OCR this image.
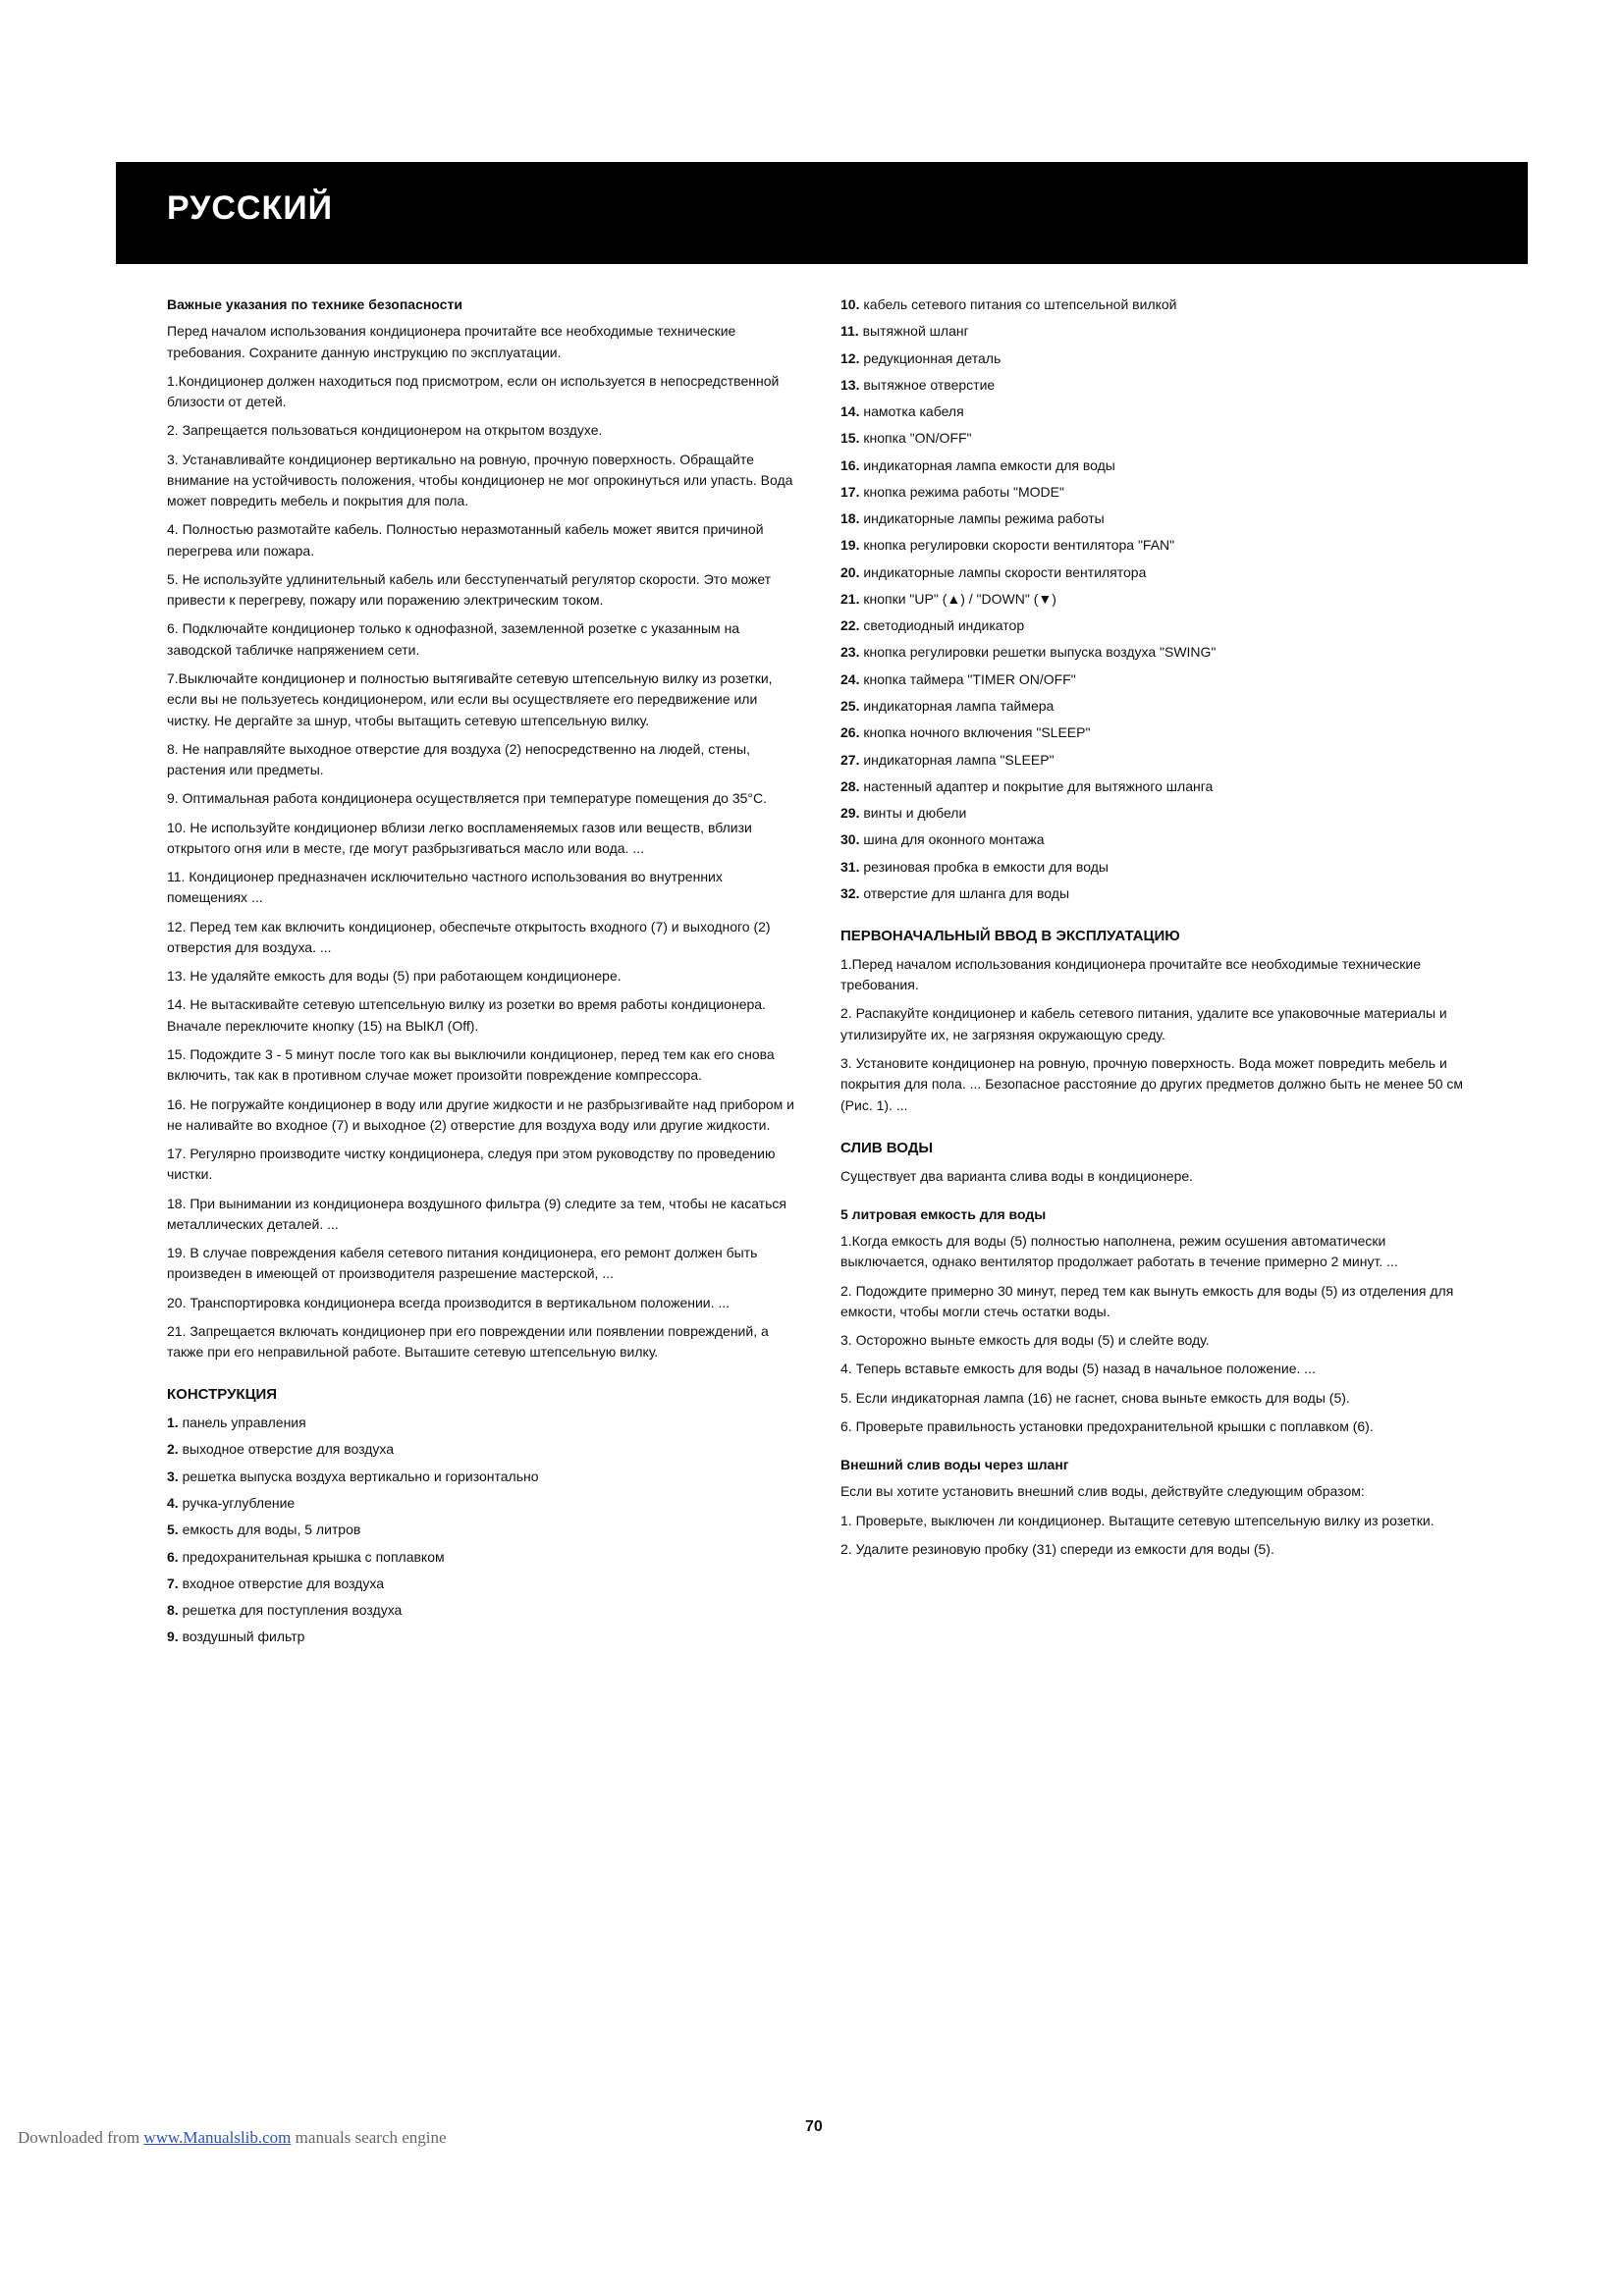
РУССКИЙ
Важные указания по технике безопасности
Перед началом использования кондиционера прочитайте все необходимые технические требования. Сохраните данную инструкцию по эксплуатации.
1.Кондиционер должен находиться под присмотром, если он используется в непосредственной близости от детей.
2. Запрещается пользоваться кондиционером на открытом воздухе.
3. Устанавливайте кондиционер вертикально на ровную, прочную поверхность. Обращайте внимание на устойчивость положения, чтобы кондиционер не мог опрокинуться или упасть. Вода может повредить мебель и покрытия для пола.
4. Полностью размотайте кабель. Полностью неразмотанный кабель может явится причиной перегрева или пожара.
5. Не используйте удлинительный кабель или бесступенчатый регулятор скорости. Это может привести к перегреву, пожару или поражению электрическим током.
6. Подключайте кондиционер только к однофазной, заземленной розетке с указанным на заводской табличке напряжением сети.
7.Выключайте кондиционер и полностью вытягивайте сетевую штепсельную вилку из розетки, если вы не пользуетесь кондиционером, или если вы осуществляете его передвижение или чистку. Не дергайте за шнур, чтобы вытащить сетевую штепсельную вилку.
8. Не направляйте выходное отверстие для воздуха (2) непосредственно на людей, стены, растения или предметы.
9. Оптимальная работа кондиционера осуществляется при температуре помещения до 35°C.
10. Не используйте кондиционер вблизи легко воспламеняемых газов или веществ, вблизи открытого огня или в месте, где могут разбрызгиваться масло или вода. ...
11. Кондиционер предназначен исключительно частного использования во внутренних помещениях ...
12. Перед тем как включить кондиционер, обеспечьте открытость входного (7) и выходного (2) отверстия для воздуха. ...
13. Не удаляйте емкость для воды (5) при работающем кондиционере.
14. Не вытаскивайте сетевую штепсельную вилку из розетки во время работы кондиционера. Вначале переключите кнопку (15) на ВЫКЛ (Off).
15. Подождите 3 - 5 минут после того как вы выключили кондиционер, перед тем как его снова включить, так как в противном случае может произойти повреждение компрессора.
16. Не погружайте кондиционер в воду или другие жидкости и не разбрызгивайте над прибором и не наливайте во входное (7) и выходное (2) отверстие для воздуха воду или другие жидкости.
17. Регулярно производите чистку кондиционера, следуя при этом руководству по проведению чистки.
18. При вынимании из кондиционера воздушного фильтра (9) следите за тем, чтобы не касаться металлических деталей. ...
19. В случае повреждения кабеля сетевого питания кондиционера, его ремонт должен быть произведен в имеющей от производителя разрешение мастерской, ...
20. Транспортировка кондиционера всегда производится в вертикальном положении. ...
21. Запрещается включать кондиционер при его повреждении или появлении повреждений, а также при его неправильной работе. Выташите сетевую штепсельную вилку.
КОНСТРУКЦИЯ
1. панель управления
2. выходное отверстие для воздуха
3. решетка выпуска воздуха вертикально и горизонтально
4. ручка-углубление
5. емкость для воды, 5 литров
6. предохранительная крышка с поплавком
7. входное отверстие для воздуха
8. решетка для поступления воздуха
9. воздушный фильтр
10. кабель сетевого питания со штепсельной вилкой
11. вытяжной шланг
12. редукционная деталь
13. вытяжное отверстие
14. намотка кабеля
15. кнопка "ON/OFF"
16. индикаторная лампа емкости для воды
17. кнопка режима работы "MODE"
18. индикаторные лампы режима работы
19. кнопка регулировки скорости вентилятора "FAN"
20. индикаторные лампы скорости вентилятора
21. кнопки "UP" (▲) / "DOWN" (▼)
22. светодиодный индикатор
23. кнопка регулировки решетки выпуска воздуха "SWING"
24. кнопка таймера "TIMER ON/OFF"
25. индикаторная лампа таймера
26. кнопка ночного включения "SLEEP"
27. индикаторная лампа "SLEEP"
28. настенный адаптер и покрытие для вытяжного шланга
29. винты и дюбели
30. шина для оконного монтажа
31. резиновая пробка в емкости для воды
32. отверстие для шланга для воды
ПЕРВОНАЧАЛЬНЫЙ ВВОД В ЭКСПЛУАТАЦИЮ
1.Перед началом использования кондиционера прочитайте все необходимые технические требования.
2. Распакуйте кондиционер и кабель сетевого питания, удалите все упаковочные материалы и утилизируйте их, не загрязняя окружающую среду.
3. Установите кондиционер на ровную, прочную поверхность. Вода может повредить мебель и покрытия для пола. ... Безопасное расстояние до других предметов должно быть не менее 50 см (Рис. 1). ...
СЛИВ ВОДЫ
Существует два варианта слива воды в кондиционере.
5 литровая емкость для воды
1.Когда емкость для воды (5) полностью наполнена, режим осушения автоматически выключается, однако вентилятор продолжает работать в течение примерно 2 минут. ...
2. Подождите примерно 30 минут, перед тем как вынуть емкость для воды (5) из отделения для емкости, чтобы могли стечь остатки воды.
3. Осторожно выньте емкость для воды (5) и слейте воду.
4. Теперь вставьте емкость для воды (5) назад в начальное положение. ...
5. Если индикаторная лампа (16) не гаснет, снова выньте емкость для воды (5).
6. Проверьте правильность установки предохранительной крышки с поплавком (6).
Внешний слив воды через шланг
Если вы хотите установить внешний слив воды, действуйте следующим образом:
1. Проверьте, выключен ли кондиционер. Вытащите сетевую штепсельную вилку из розетки.
2. Удалите резиновую пробку (31) спереди из емкости для воды (5).
70
Downloaded from www.Manualslib.com manuals search engine
